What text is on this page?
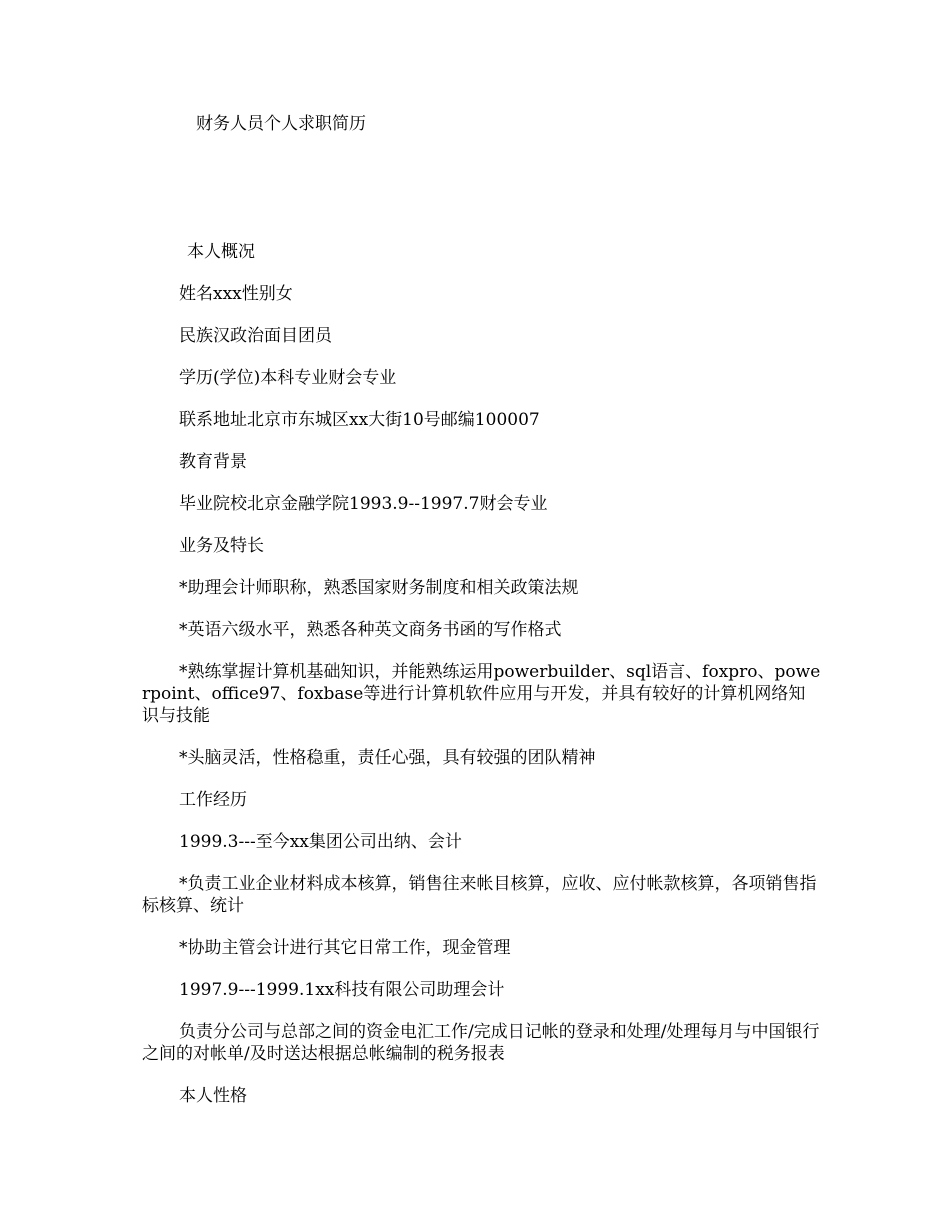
财务人员个人求职简历

本人概况

姓名xxx性别女

民族汉政治面目团员

学历(学位)本科专业财会专业

联系地址北京市东城区xx大街10号邮编100007

教育背景

毕业院校北京金融学院1993.9--1997.7财会专业

业务及特长

*助理会计师职称，熟悉国家财务制度和相关政策法规

*英语六级水平，熟悉各种英文商务书函的写作格式

*熟练掌握计算机基础知识，并能熟练运用powerbuilder、sql语言、foxpro、powerpoint、office97、foxbase等进行计算机软件应用与开发，并具有较好的计算机网络知识与技能

*头脑灵活，性格稳重，责任心强，具有较强的团队精神

工作经历

1999.3---至今xx集团公司出纳、会计

*负责工业企业材料成本核算，销售往来帐目核算，应收、应付帐款核算，各项销售指标核算、统计

*协助主管会计进行其它日常工作，现金管理

1997.9---1999.1xx科技有限公司助理会计

负责分公司与总部之间的资金电汇工作/完成日记帐的登录和处理/处理每月与中国银行之间的对帐单/及时送达根据总帐编制的税务报表

本人性格
